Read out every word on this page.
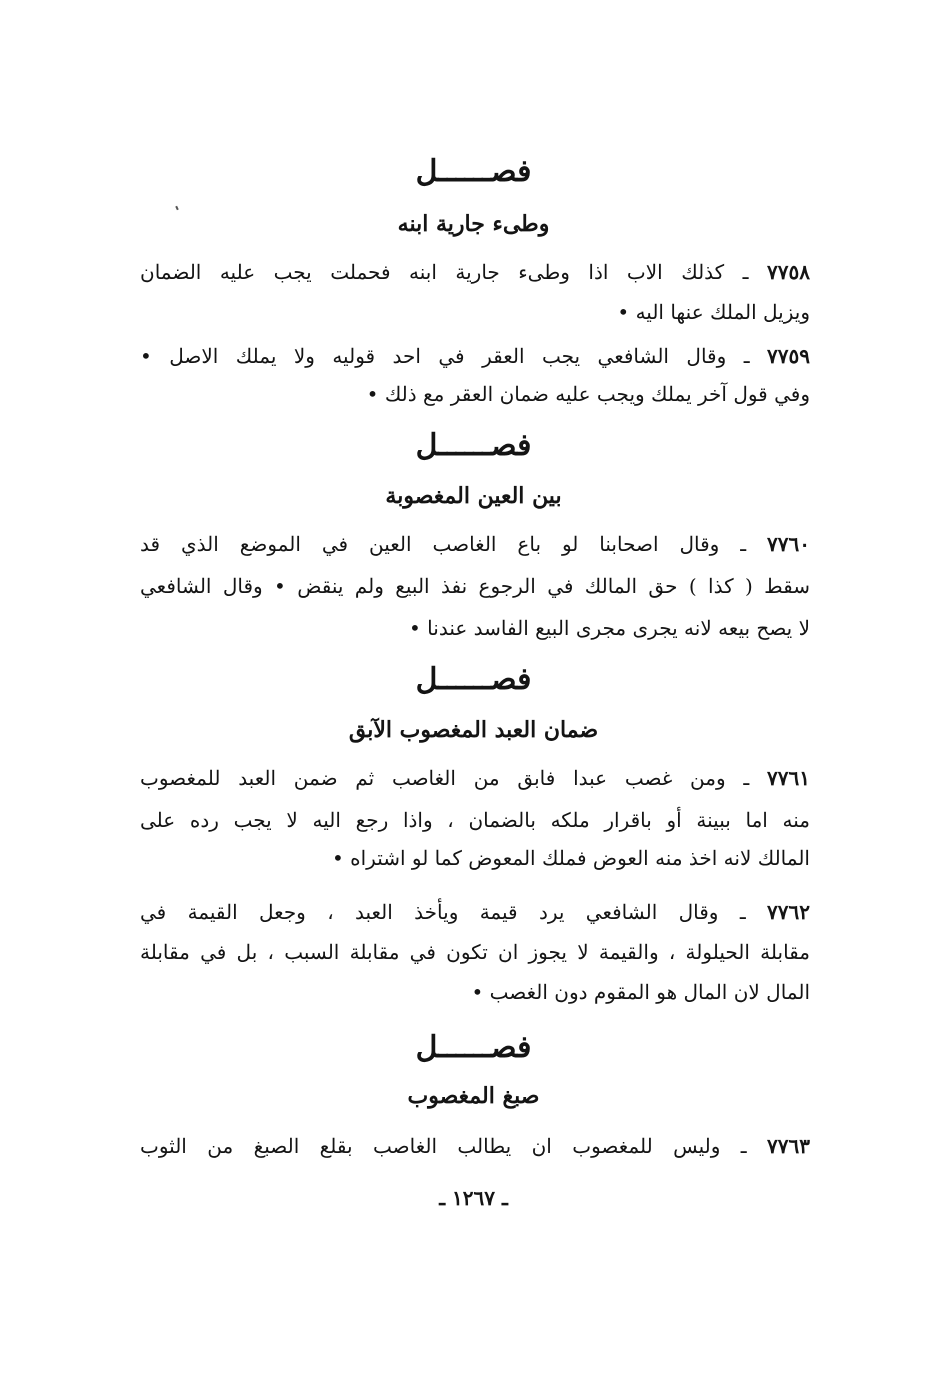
فصــــــل
وطىء جارية ابنه
٧٧٥٨ ـ كذلك الاب اذا وطىء جارية ابنه فحملت يجب عليه الضمان
ويزيل الملك عنها اليه •
٧٧٥٩ ـ وقال الشافعي يجب العقر في احد قوليه ولا يملك الاصل •
وفي قول آخر يملك ويجب عليه ضمان العقر مع ذلك •
فصــــــل
بين العين المغصوبة
٧٧٦٠ ـ وقال اصحابنا لو باع الغاصب العين في الموضع الذي قد
سقط ( كذا ) حق المالك في الرجوع نفذ البيع ولم ينقض • وقال الشافعي
لا يصح بيعه لانه يجرى مجرى البيع الفاسد عندنا •
فصــــــل
ضمان العبد المغصوب الآبق
٧٧٦١ ـ ومن غصب عبدا فابق من الغاصب ثم ضمن العبد للمغصوب
منه اما ببينة أو باقرار ملكه بالضمان ، واذا رجع اليه لا يجب رده على
المالك لانه اخذ منه العوض فملك المعوض كما لو اشتراه •
٧٧٦٢ ـ وقال الشافعي يرد قيمة ويأخذ العبد ، وجعل القيمة في
مقابلة الحيلولة ، والقيمة لا يجوز ان تكون في مقابلة السبب ، بل في مقابلة
المال لان المال هو المقوم دون الغصب •
فصــــــل
صبغ المغصوب
٧٧٦٣ ـ وليس للمغصوب ان يطالب الغاصب بقلع الصبغ من الثوب
ـ ١٢٦٧ ـ
